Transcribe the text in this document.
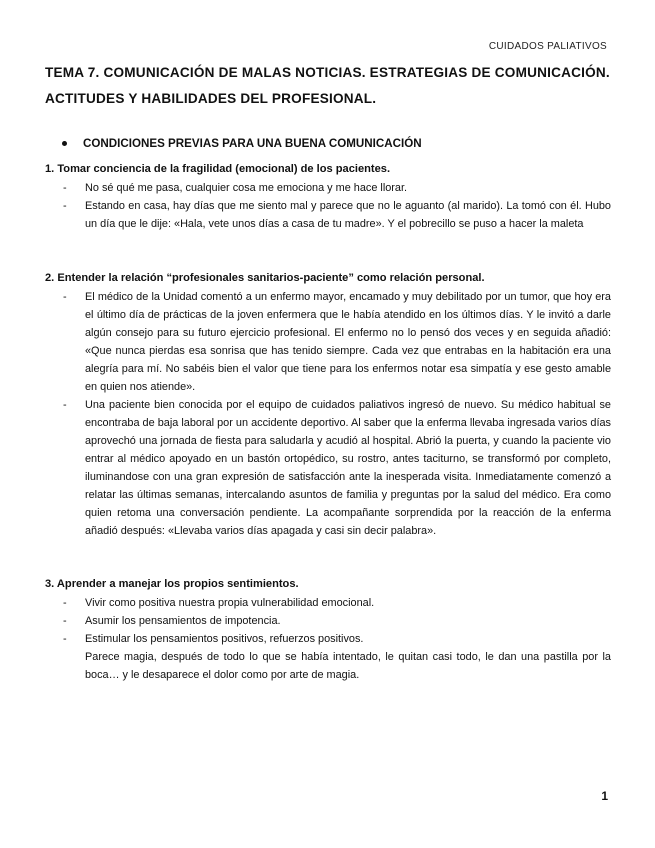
CUIDADOS PALIATIVOS
TEMA 7. COMUNICACIÓN DE MALAS NOTICIAS. ESTRATEGIAS DE COMUNICACIÓN. ACTITUDES Y HABILIDADES DEL PROFESIONAL.
CONDICIONES PREVIAS PARA UNA BUENA COMUNICACIÓN

1. Tomar conciencia de la fragilidad (emocional) de los pacientes.

- No sé qué me pasa, cualquier cosa me emociona y me hace llorar.
- Estando en casa, hay días que me siento mal y parece que no le aguanto (al marido). La tomó con él. Hubo un día que le dije: «Hala, vete unos días a casa de tu madre». Y el pobrecillo se puso a hacer la maleta

2. Entender la relación “profesionales sanitarios-paciente” como relación personal.

- El médico de la Unidad comentó a un enfermo mayor, encamado y muy debilitado por un tumor, que hoy era el último día de prácticas de la joven enfermera que le había atendido en los últimos días. Y le invitó a darle algún consejo para su futuro ejercicio profesional. El enfermo no lo pensó dos veces y en seguida añadió: «Que nunca pierdas esa sonrisa que has tenido siempre. Cada vez que entrabas en la habitación era una alegría para mí. No sabéis bien el valor que tiene para los enfermos notar esa simpatía y ese gesto amable en quien nos atiende».
- Una paciente bien conocida por el equipo de cuidados paliativos ingresó de nuevo. Su médico habitual se encontraba de baja laboral por un accidente deportivo. Al saber que la enferma llevaba ingresada varios días aprovechó una jornada de fiesta para saludarla y acudió al hospital. Abrió la puerta, y cuando la paciente vio entrar al médico apoyado en un bastón ortopédico, su rostro, antes taciturno, se transformó por completo, iluminandose con una gran expresión de satisfacción ante la inesperada visita. Inmediatamente comenzó a relatar las últimas semanas, intercalando asuntos de familia y preguntas por la salud del médico. Era como quien retoma una conversación pendiente. La acompañante sorprendida por la reacción de la enferma añadió después: «Llevaba varios días apagada y casi sin decir palabra».

3. Aprender a manejar los propios sentimientos.

- Vivir como positiva nuestra propia vulnerabilidad emocional.
- Asumir los pensamientos de impotencia.
- Estimular los pensamientos positivos, refuerzos positivos.
Parece magia, después de todo lo que se había intentado, le quitan casi todo, le dan una pastilla por la boca… y le desaparece el dolor como por arte de magia.
1
